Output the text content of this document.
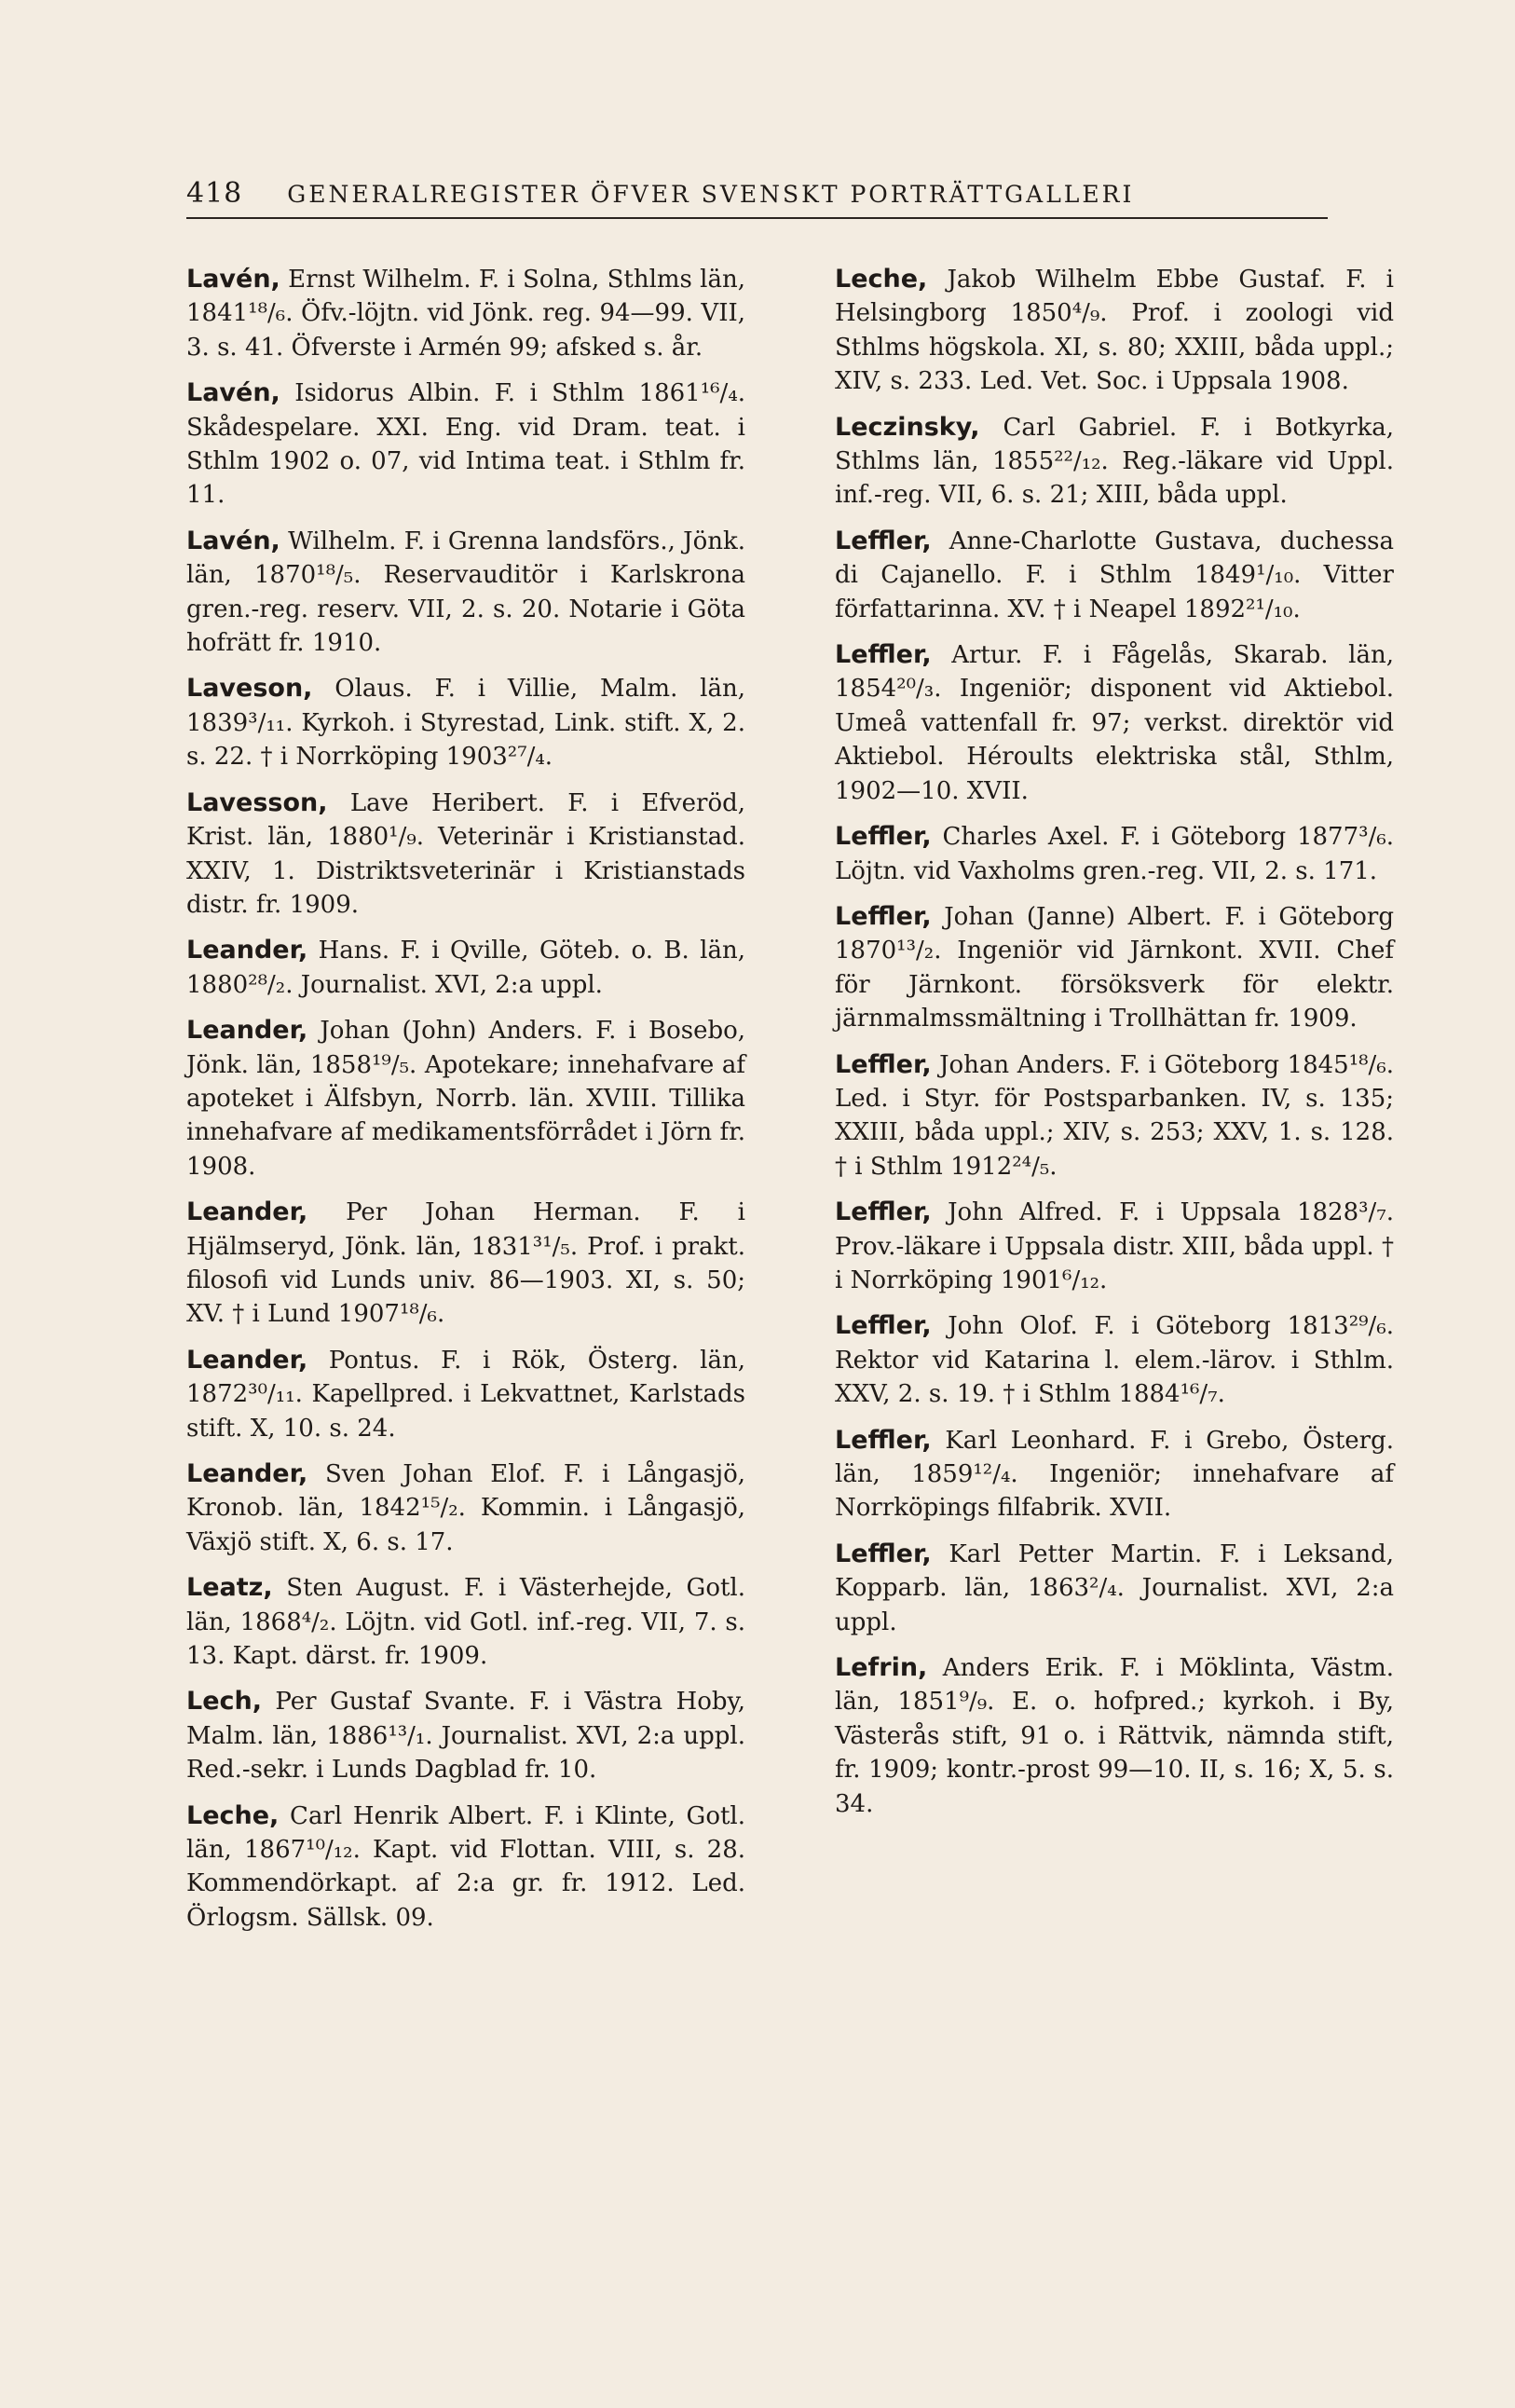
418 GENERALREGISTER ÖFVER SVENSKT PORTRÄTTGALLERI

Lavén, Ernst Wilhelm. F. i Solna, Sthlms län, 1841¹⁸/₆. Öfv.-löjtn. vid Jönk. reg. 94—99. VII, 3. s. 41. Öfverste i Armén 99; afsked s. år.

Lavén, Isidorus Albin. F. i Sthlm 1861¹⁶/₄. Skådespelare. XXI. Eng. vid Dram. teat. i Sthlm 1902 o. 07, vid Intima teat. i Sthlm fr. 11.

Lavén, Wilhelm. F. i Grenna landsförs., Jönk. län, 1870¹⁸/₅. Reservauditör i Karlskrona gren.-reg. reserv. VII, 2. s. 20. Notarie i Göta hofrätt fr. 1910.

Laveson, Olaus. F. i Villie, Malm. län, 1839³/₁₁. Kyrkoh. i Styrestad, Link. stift. X, 2. s. 22. † i Norrköping 1903²⁷/₄.

Lavesson, Lave Heribert. F. i Efveröd, Krist. län, 1880¹/₉. Veterinär i Kristianstad. XXIV, 1. Distriktsveterinär i Kristianstads distr. fr. 1909.

Leander, Hans. F. i Qville, Göteb. o. B. län, 1880²⁸/₂. Journalist. XVI, 2:a uppl.

Leander, Johan (John) Anders. F. i Bosebo, Jönk. län, 1858¹⁹/₅. Apotekare; innehafvare af apoteket i Älfsbyn, Norrb. län. XVIII. Tillika innehafvare af medikamentsförrådet i Jörn fr. 1908.

Leander, Per Johan Herman. F. i Hjälmseryd, Jönk. län, 1831³¹/₅. Prof. i prakt. filosofi vid Lunds univ. 86—1903. XI, s. 50; XV. † i Lund 1907¹⁸/₆.

Leander, Pontus. F. i Rök, Österg. län, 1872³⁰/₁₁. Kapellpred. i Lekvattnet, Karlstads stift. X, 10. s. 24.

Leander, Sven Johan Elof. F. i Långasjö, Kronob. län, 1842¹⁵/₂. Kommin. i Långasjö, Växjö stift. X, 6. s. 17.

Leatz, Sten August. F. i Västerhejde, Gotl. län, 1868⁴/₂. Löjtn. vid Gotl. inf.-reg. VII, 7. s. 13. Kapt. därst. fr. 1909.

Lech, Per Gustaf Svante. F. i Västra Hoby, Malm. län, 1886¹³/₁. Journalist. XVI, 2:a uppl. Red.-sekr. i Lunds Dagblad fr. 10.

Leche, Carl Henrik Albert. F. i Klinte, Gotl. län, 1867¹⁰/₁₂. Kapt. vid Flottan. VIII, s. 28. Kommendörkapt. af 2:a gr. fr. 1912. Led. Örlogsm. Sällsk. 09.

Leche, Jakob Wilhelm Ebbe Gustaf. F. i Helsingborg 1850⁴/₉. Prof. i zoologi vid Sthlms högskola. XI, s. 80; XXIII, båda uppl.; XIV, s. 233. Led. Vet. Soc. i Uppsala 1908.

Leczinsky, Carl Gabriel. F. i Botkyrka, Sthlms län, 1855²²/₁₂. Reg.-läkare vid Uppl. inf.-reg. VII, 6. s. 21; XIII, båda uppl.

Leffler, Anne-Charlotte Gustava, duchessa di Cajanello. F. i Sthlm 1849¹/₁₀. Vitter författarinna. XV. † i Neapel 1892²¹/₁₀.

Leffler, Artur. F. i Fågelås, Skarab. län, 1854²⁰/₃. Ingeniör; disponent vid Aktiebol. Umeå vattenfall fr. 97; verkst. direktör vid Aktiebol. Héroults elektriska stål, Sthlm, 1902—10. XVII.

Leffler, Charles Axel. F. i Göteborg 1877³/₆. Löjtn. vid Vaxholms gren.-reg. VII, 2. s. 171.

Leffler, Johan (Janne) Albert. F. i Göteborg 1870¹³/₂. Ingeniör vid Järnkont. XVII. Chef för Järnkont. försöksverk för elektr. järnmalmssmältning i Trollhättan fr. 1909.

Leffler, Johan Anders. F. i Göteborg 1845¹⁸/₆. Led. i Styr. för Postsparbanken. IV, s. 135; XXIII, båda uppl.; XIV, s. 253; XXV, 1. s. 128. † i Sthlm 1912²⁴/₅.

Leffler, John Alfred. F. i Uppsala 1828³/₇. Prov.-läkare i Uppsala distr. XIII, båda uppl. † i Norrköping 1901⁶/₁₂.

Leffler, John Olof. F. i Göteborg 1813²⁹/₆. Rektor vid Katarina l. elem.-lärov. i Sthlm. XXV, 2. s. 19. † i Sthlm 1884¹⁶/₇.

Leffler, Karl Leonhard. F. i Grebo, Österg. län, 1859¹²/₄. Ingeniör; innehafvare af Norrköpings filfabrik. XVII.

Leffler, Karl Petter Martin. F. i Leksand, Kopparb. län, 1863²/₄. Journalist. XVI, 2:a uppl.

Lefrin, Anders Erik. F. i Möklinta, Västm. län, 1851⁹/₉. E. o. hofpred.; kyrkoh. i By, Västerås stift, 91 o. i Rättvik, nämnda stift, fr. 1909; kontr.-prost 99—10. II, s. 16; X, 5. s. 34.
